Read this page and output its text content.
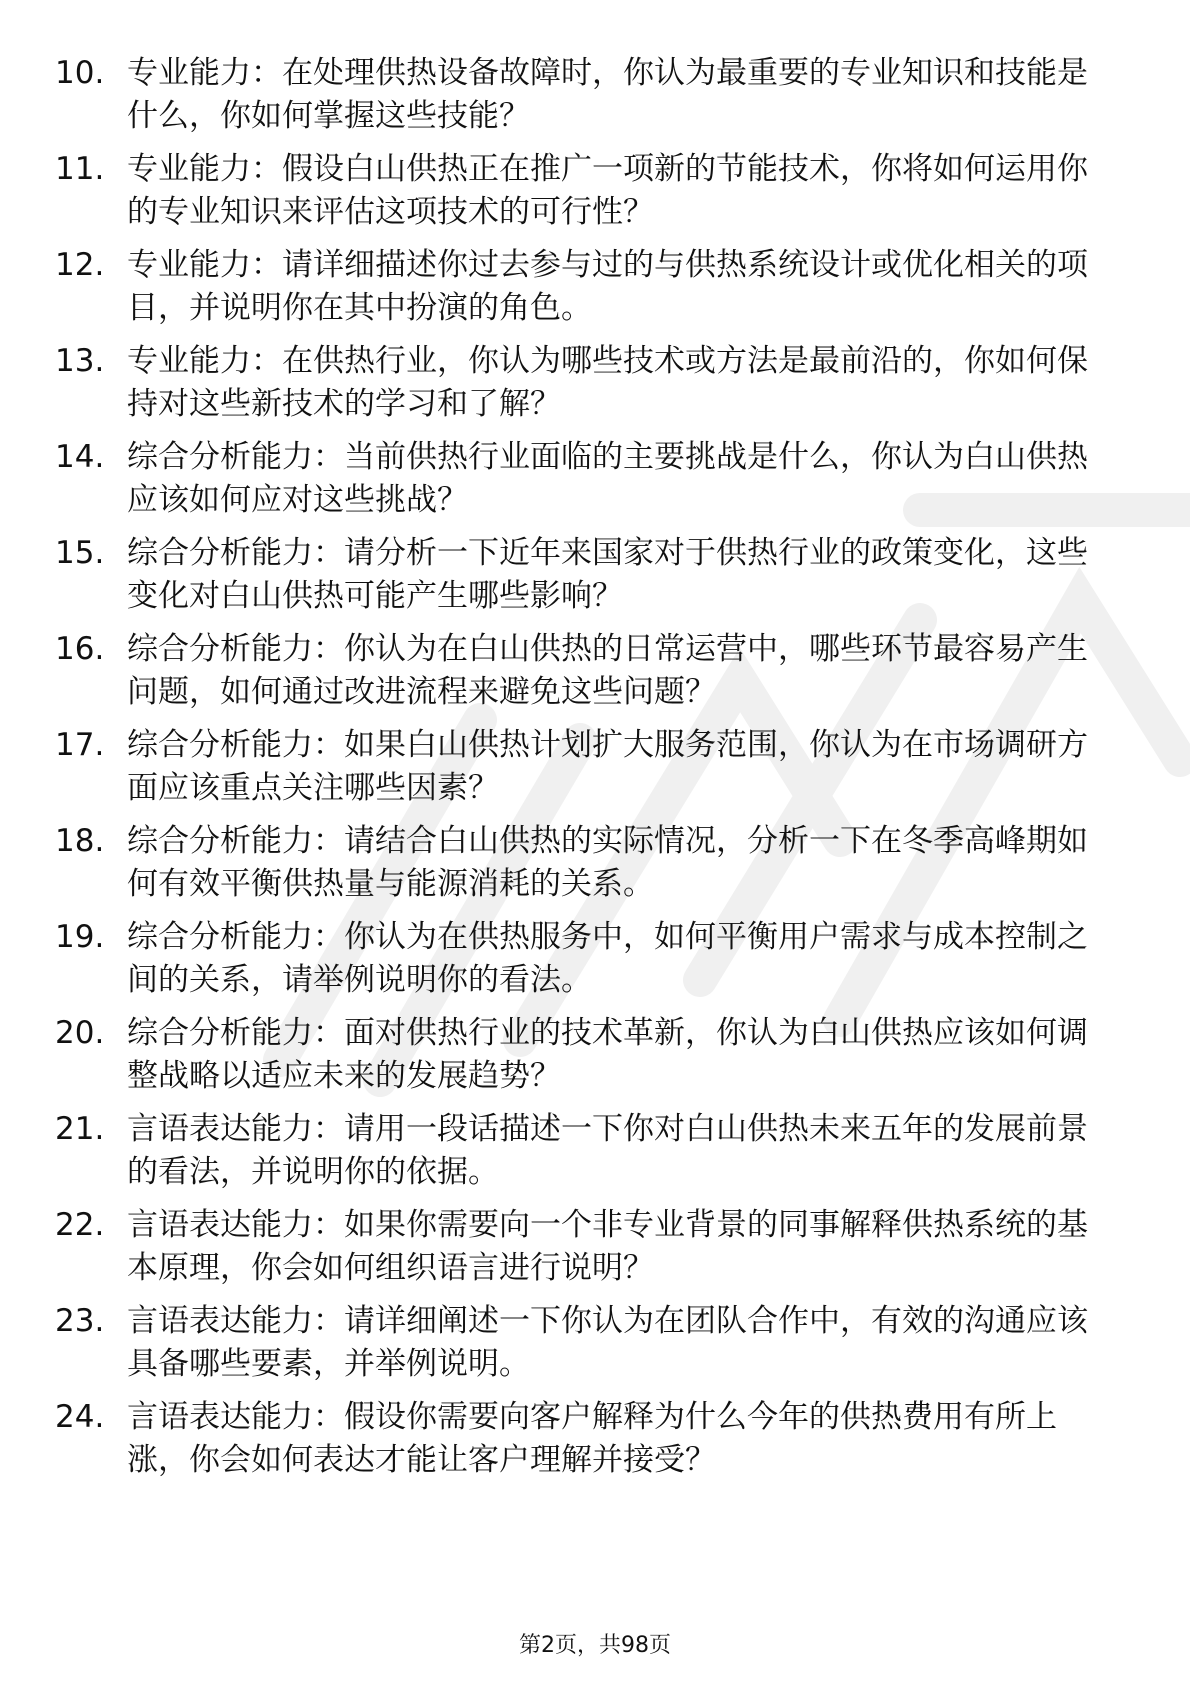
10. 专业能力：在处理供热设备故障时，你认为最重要的专业知识和技能是什么，你如何掌握这些技能？
11. 专业能力：假设白山供热正在推广一项新的节能技术，你将如何运用你的专业知识来评估这项技术的可行性？
12. 专业能力：请详细描述你过去参与过的与供热系统设计或优化相关的项目，并说明你在其中扮演的角色。
13. 专业能力：在供热行业，你认为哪些技术或方法是最前沿的，你如何保持对这些新技术的学习和了解？
14. 综合分析能力：当前供热行业面临的主要挑战是什么，你认为白山供热应该如何应对这些挑战？
15. 综合分析能力：请分析一下近年来国家对于供热行业的政策变化，这些变化对白山供热可能产生哪些影响？
16. 综合分析能力：你认为在白山供热的日常运营中，哪些环节最容易产生问题，如何通过改进流程来避免这些问题？
17. 综合分析能力：如果白山供热计划扩大服务范围，你认为在市场调研方面应该重点关注哪些因素？
18. 综合分析能力：请结合白山供热的实际情况，分析一下在冬季高峰期如何有效平衡供热量与能源消耗的关系。
19. 综合分析能力：你认为在供热服务中，如何平衡用户需求与成本控制之间的关系，请举例说明你的看法。
20. 综合分析能力：面对供热行业的技术革新，你认为白山供热应该如何调整战略以适应未来的发展趋势？
21. 言语表达能力：请用一段话描述一下你对白山供热未来五年的发展前景的看法，并说明你的依据。
22. 言语表达能力：如果你需要向一个非专业背景的同事解释供热系统的基本原理，你会如何组织语言进行说明？
23. 言语表达能力：请详细阐述一下你认为在团队合作中，有效的沟通应该具备哪些要素，并举例说明。
24. 言语表达能力：假设你需要向客户解释为什么今年的供热费用有所上涨，你会如何表达才能让客户理解并接受？
第2页，共98页
